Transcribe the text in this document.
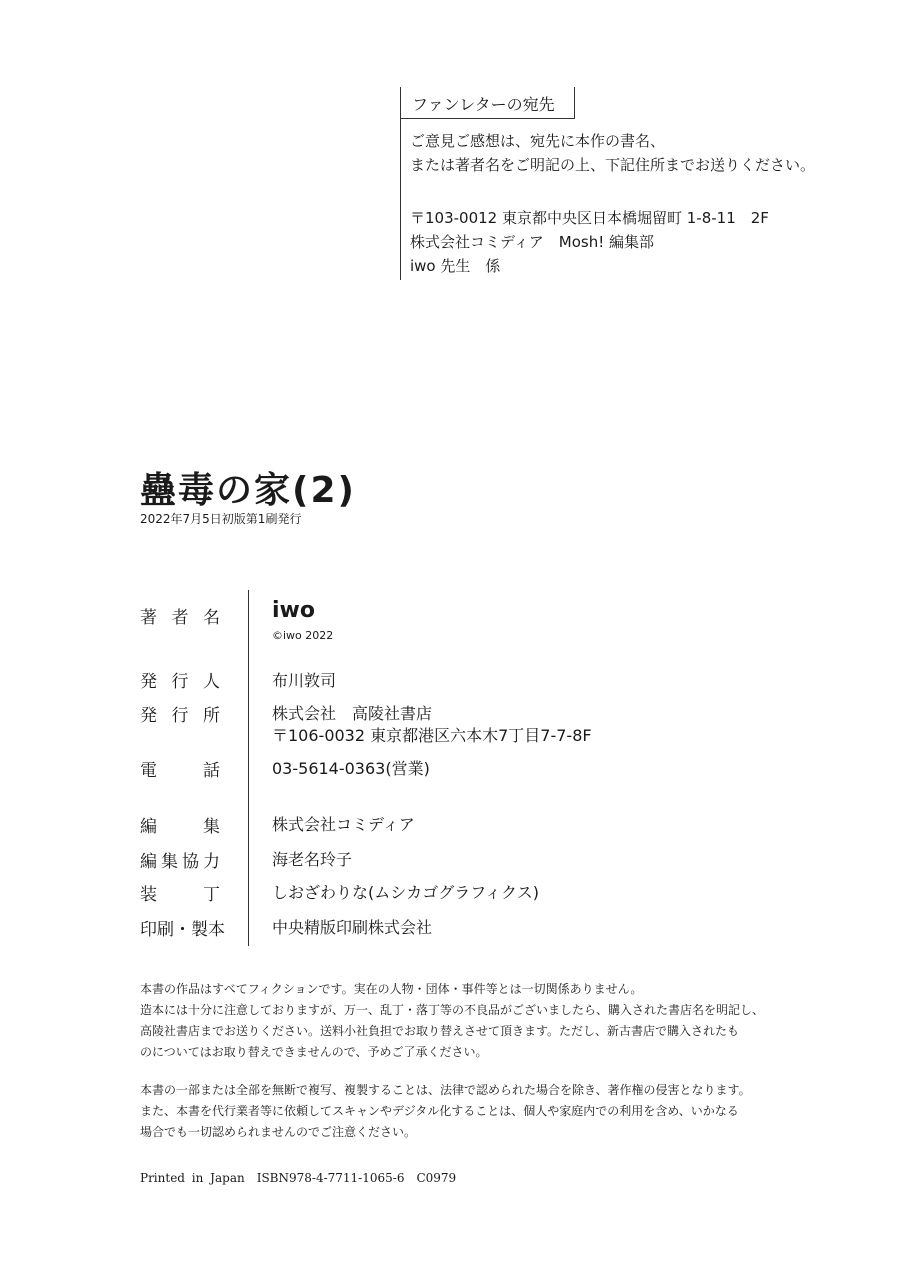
ファンレターの宛先
ご意見ご感想は、宛先に本作の書名、
または著者名をご明記の上、下記住所までお送りください。
〒103-0012 東京都中央区日本橋堀留町 1-8-11　2F
株式会社コミディア　Mosh! 編集部
iwo 先生　係
蠱毒の家(2)
2022年7月5日初版第1刷発行
著者名 iwo
©iwo 2022
発行人	布川敦司
発行所	株式会社　高陵社書店
〒106-0032 東京都港区六本木7丁目7-7-8F
電話	03-5614-0363(営業)
編集	株式会社コミディア
編集協力	海老名玲子
装丁	しおざわりな(ムシカゴグラフィクス)
印刷・製本	中央精版印刷株式会社
本書の作品はすべてフィクションです。実在の人物・団体・事件等とは一切関係ありません。
造本には十分に注意しておりますが、万一、乱丁・落丁等の不良品がございましたら、購入された書店名を明記し、
高陵社書店までお送りください。送料小社負担でお取り替えさせて頂きます。ただし、新古書店で購入されたも
のについてはお取り替えできませんので、予めご了承ください。
本書の一部または全部を無断で複写、複製することは、法律で認められた場合を除き、著作権の侵害となります。
また、本書を代行業者等に依頼してスキャンやデジタル化することは、個人や家庭内での利用を含め、いかなる
場合でも一切認められませんのでご注意ください。
Printed in Japan　ISBN978-4-7711-1065-6　C0979
